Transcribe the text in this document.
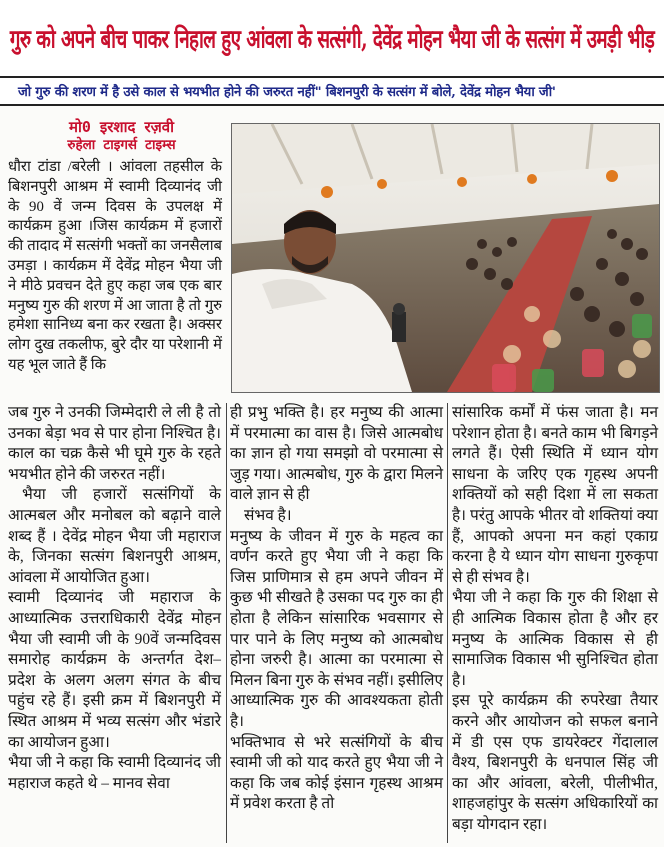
गुरु को अपने बीच पाकर निहाल हुए आंवला के सत्संगी, देवेंद्र मोहन भैया जी के सत्संग में उमड़ी भीड़
जो गुरु की शरण में है उसे काल से भयभीत होने की जरुरत नहीं" बिशनपुरी के सत्संग में बोले, देवेंद्र मोहन भैया जी'
मो0 इरशाद रज़वी
रुहेला टाइगर्स टाइम्स

धौरा टांडा /बरेली । आंवला तहसील के बिशनपुरी आश्रम में स्वामी दिव्यानंद जी के 90 वें जन्म दिवस के उपलक्ष में कार्यक्रम हुआ ।जिस कार्यक्रम में हजारों की तादाद में सत्संगी भक्तों का जनसैलाब उमड़ा । कार्यक्रम में देवेंद्र मोहन भैया जी ने मीठे प्रवचन देते हुए कहा जब एक बार मनुष्य गुरु की शरण में आ जाता है तो गुरु हमेशा सानिध्य बना कर रखता है। अक्सर लोग दुख तकलीफ, बुरे दौर या परेशानी में यह भूल जाते हैं कि

जब गुरु ने उनकी जिम्मेदारी ले ली है तो उनका बेड़ा भव से पार होना निश्चित है। काल का चक्र कैसे भी घूमे गुरु के रहते भयभीत होने की जरुरत नहीं।

भैया जी हजारों सत्संगियों के आत्मबल और मनोबल को बढ़ाने वाले शब्द हैं । देवेंद्र मोहन भैया जी महाराज के, जिनका सत्संग बिशनपुरी आश्रम, आंवला में आयोजित हुआ।

स्वामी दिव्यानंद जी महाराज के आध्यात्मिक उत्तराधिकारी देवेंद्र मोहन भैया जी स्वामी जी के 90वें जन्मदिवस समारोह कार्यक्रम के अन्तर्गत देश– प्रदेश के अलग अलग संगत के बीच पहुंच रहे हैं। इसी क्रम में बिशनपुरी में स्थित आश्रम में भव्य सत्संग और भंडारे का आयोजन हुआ।

भैया जी ने कहा कि स्वामी दिव्यानंद जी महाराज कहते थे – मानव सेवा

ही प्रभु भक्ति है। हर मनुष्य की आत्मा में परमात्मा का वास है। जिसे आत्मबोध का ज्ञान हो गया समझो वो परमात्मा से जुड़ गया। आत्मबोध, गुरु के द्वारा मिलने वाले ज्ञान से ही

संभव है।

मनुष्य के जीवन में गुरु के महत्व का वर्णन करते हुए भैया जी ने कहा कि जिस प्राणिमात्र से हम अपने जीवन में कुछ भी सीखते है उसका पद गुरु का ही होता है लेकिन सांसारिक भवसागर से पार पाने के लिए मनुष्य को आत्मबोध होना जरुरी है। आत्मा का परमात्मा से मिलन बिना गुरु के संभव नहीं। इसीलिए आध्यात्मिक गुरु की आवश्यकता होती है।

भक्तिभाव से भरे सत्संगियों के बीच स्वामी जी को याद करते हुए भैया जी ने कहा कि जब कोई इंसान गृहस्थ आश्रम में प्रवेश करता है तो

सांसारिक कर्मों में फंस जाता है। मन परेशान होता है। बनते काम भी बिगड़ने लगते हैं। ऐसी स्थिति में ध्यान योग साधना के जरिए एक गृहस्थ अपनी शक्तियों को सही दिशा में ला सकता है। परंतु आपके भीतर वो शक्तियां क्या हैं, आपको अपना मन कहां एकाग्र करना है ये ध्यान योग साधना गुरुकृपा से ही संभव है।

भैया जी ने कहा कि गुरु की शिक्षा से ही आत्मिक विकास होता है और हर मनुष्य के आत्मिक विकास से ही सामाजिक विकास भी सुनिश्चित होता है।

इस पूरे कार्यक्रम की रुपरेखा तैयार करने और आयोजन को सफल बनाने में डी एस एफ डायरेक्टर गेंदालाल वैश्य, बिशनपुरी के धनपाल सिंह जी का और आंवला, बरेली, पीलीभीत, शाहजहांपुर के सत्संग अधिकारियों का बड़ा योगदान रहा।
